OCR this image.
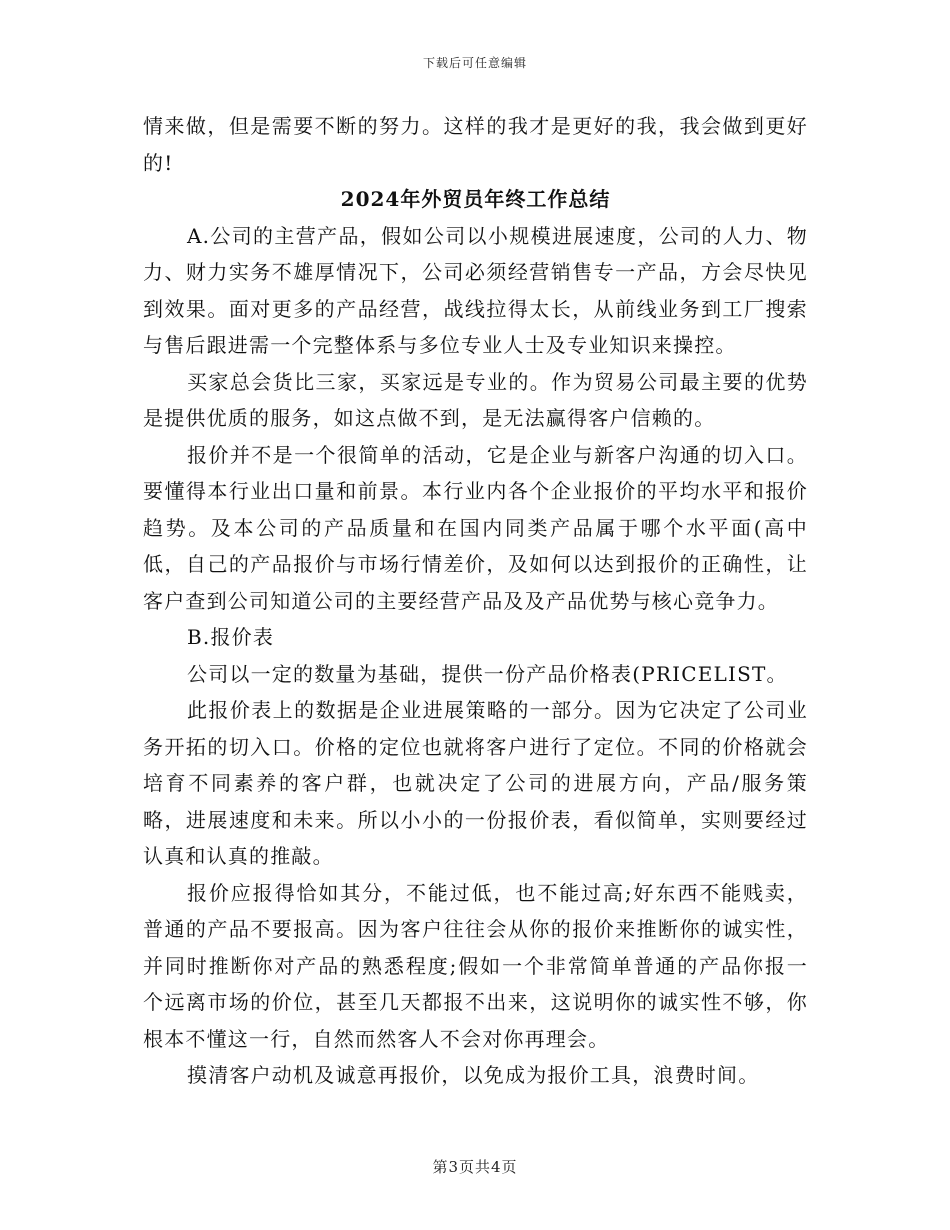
下载后可任意编辑

情来做，但是需要不断的努力。这样的我才是更好的我，我会做到更好的!

2024年外贸员年终工作总结

A.公司的主营产品，假如公司以小规模进展速度，公司的人力、物力、财力实务不雄厚情况下，公司必须经营销售专一产品，方会尽快见到效果。面对更多的产品经营，战线拉得太长，从前线业务到工厂搜索与售后跟进需一个完整体系与多位专业人士及专业知识来操控。

买家总会货比三家，买家远是专业的。作为贸易公司最主要的优势是提供优质的服务，如这点做不到，是无法赢得客户信赖的。

报价并不是一个很简单的活动，它是企业与新客户沟通的切入口。要懂得本行业出口量和前景。本行业内各个企业报价的平均水平和报价趋势。及本公司的产品质量和在国内同类产品属于哪个水平面(高中低，自己的产品报价与市场行情差价，及如何以达到报价的正确性，让客户查到公司知道公司的主要经营产品及及产品优势与核心竞争力。

B.报价表

公司以一定的数量为基础，提供一份产品价格表(PRICELIST。

此报价表上的数据是企业进展策略的一部分。因为它决定了公司业务开拓的切入口。价格的定位也就将客户进行了定位。不同的价格就会培育不同素养的客户群，也就决定了公司的进展方向，产品/服务策略，进展速度和未来。所以小小的一份报价表，看似简单，实则要经过认真和认真的推敲。

报价应报得恰如其分，不能过低，也不能过高;好东西不能贱卖，普通的产品不要报高。因为客户往往会从你的报价来推断你的诚实性，并同时推断你对产品的熟悉程度;假如一个非常简单普通的产品你报一个远离市场的价位，甚至几天都报不出来，这说明你的诚实性不够，你根本不懂这一行，自然而然客人不会对你再理会。

摸清客户动机及诚意再报价，以免成为报价工具，浪费时间。

第3页共4页
